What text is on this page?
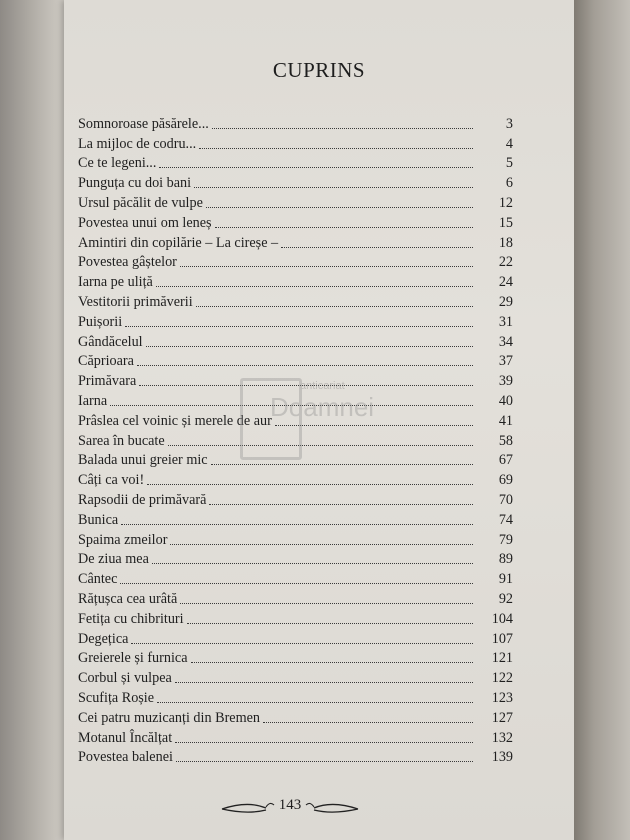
CUPRINS
Somnoroase păsărele...	3
La mijloc de codru...	4
Ce te legeni...	5
Punguța cu doi bani	6
Ursul păcălit de vulpe	12
Povestea unui om leneș	15
Amintiri din copilărie – La cireșe –	18
Povestea gâștelor	22
Iarna pe uliță	24
Vestitorii primăverii	29
Puișorii	31
Gândăcelul	34
Căprioara	37
Primăvara	39
Iarna	40
Prâslea cel voinic și merele de aur	41
Sarea în bucate	58
Balada unui greier mic	67
Câți ca voi!	69
Rapsodii de primăvară	70
Bunica	74
Spaima zmeilor	79
De ziua mea	89
Cântec	91
Rățușca cea urâtă	92
Fetița cu chibrituri	104
Degețica	107
Greierele și furnica	121
Corbul și vulpea	122
Scufița Roșie	123
Cei patru muzicanți din Bremen	127
Motanul Încălțat	132
Povestea balenei	139
anticariat
Doamnei
143
